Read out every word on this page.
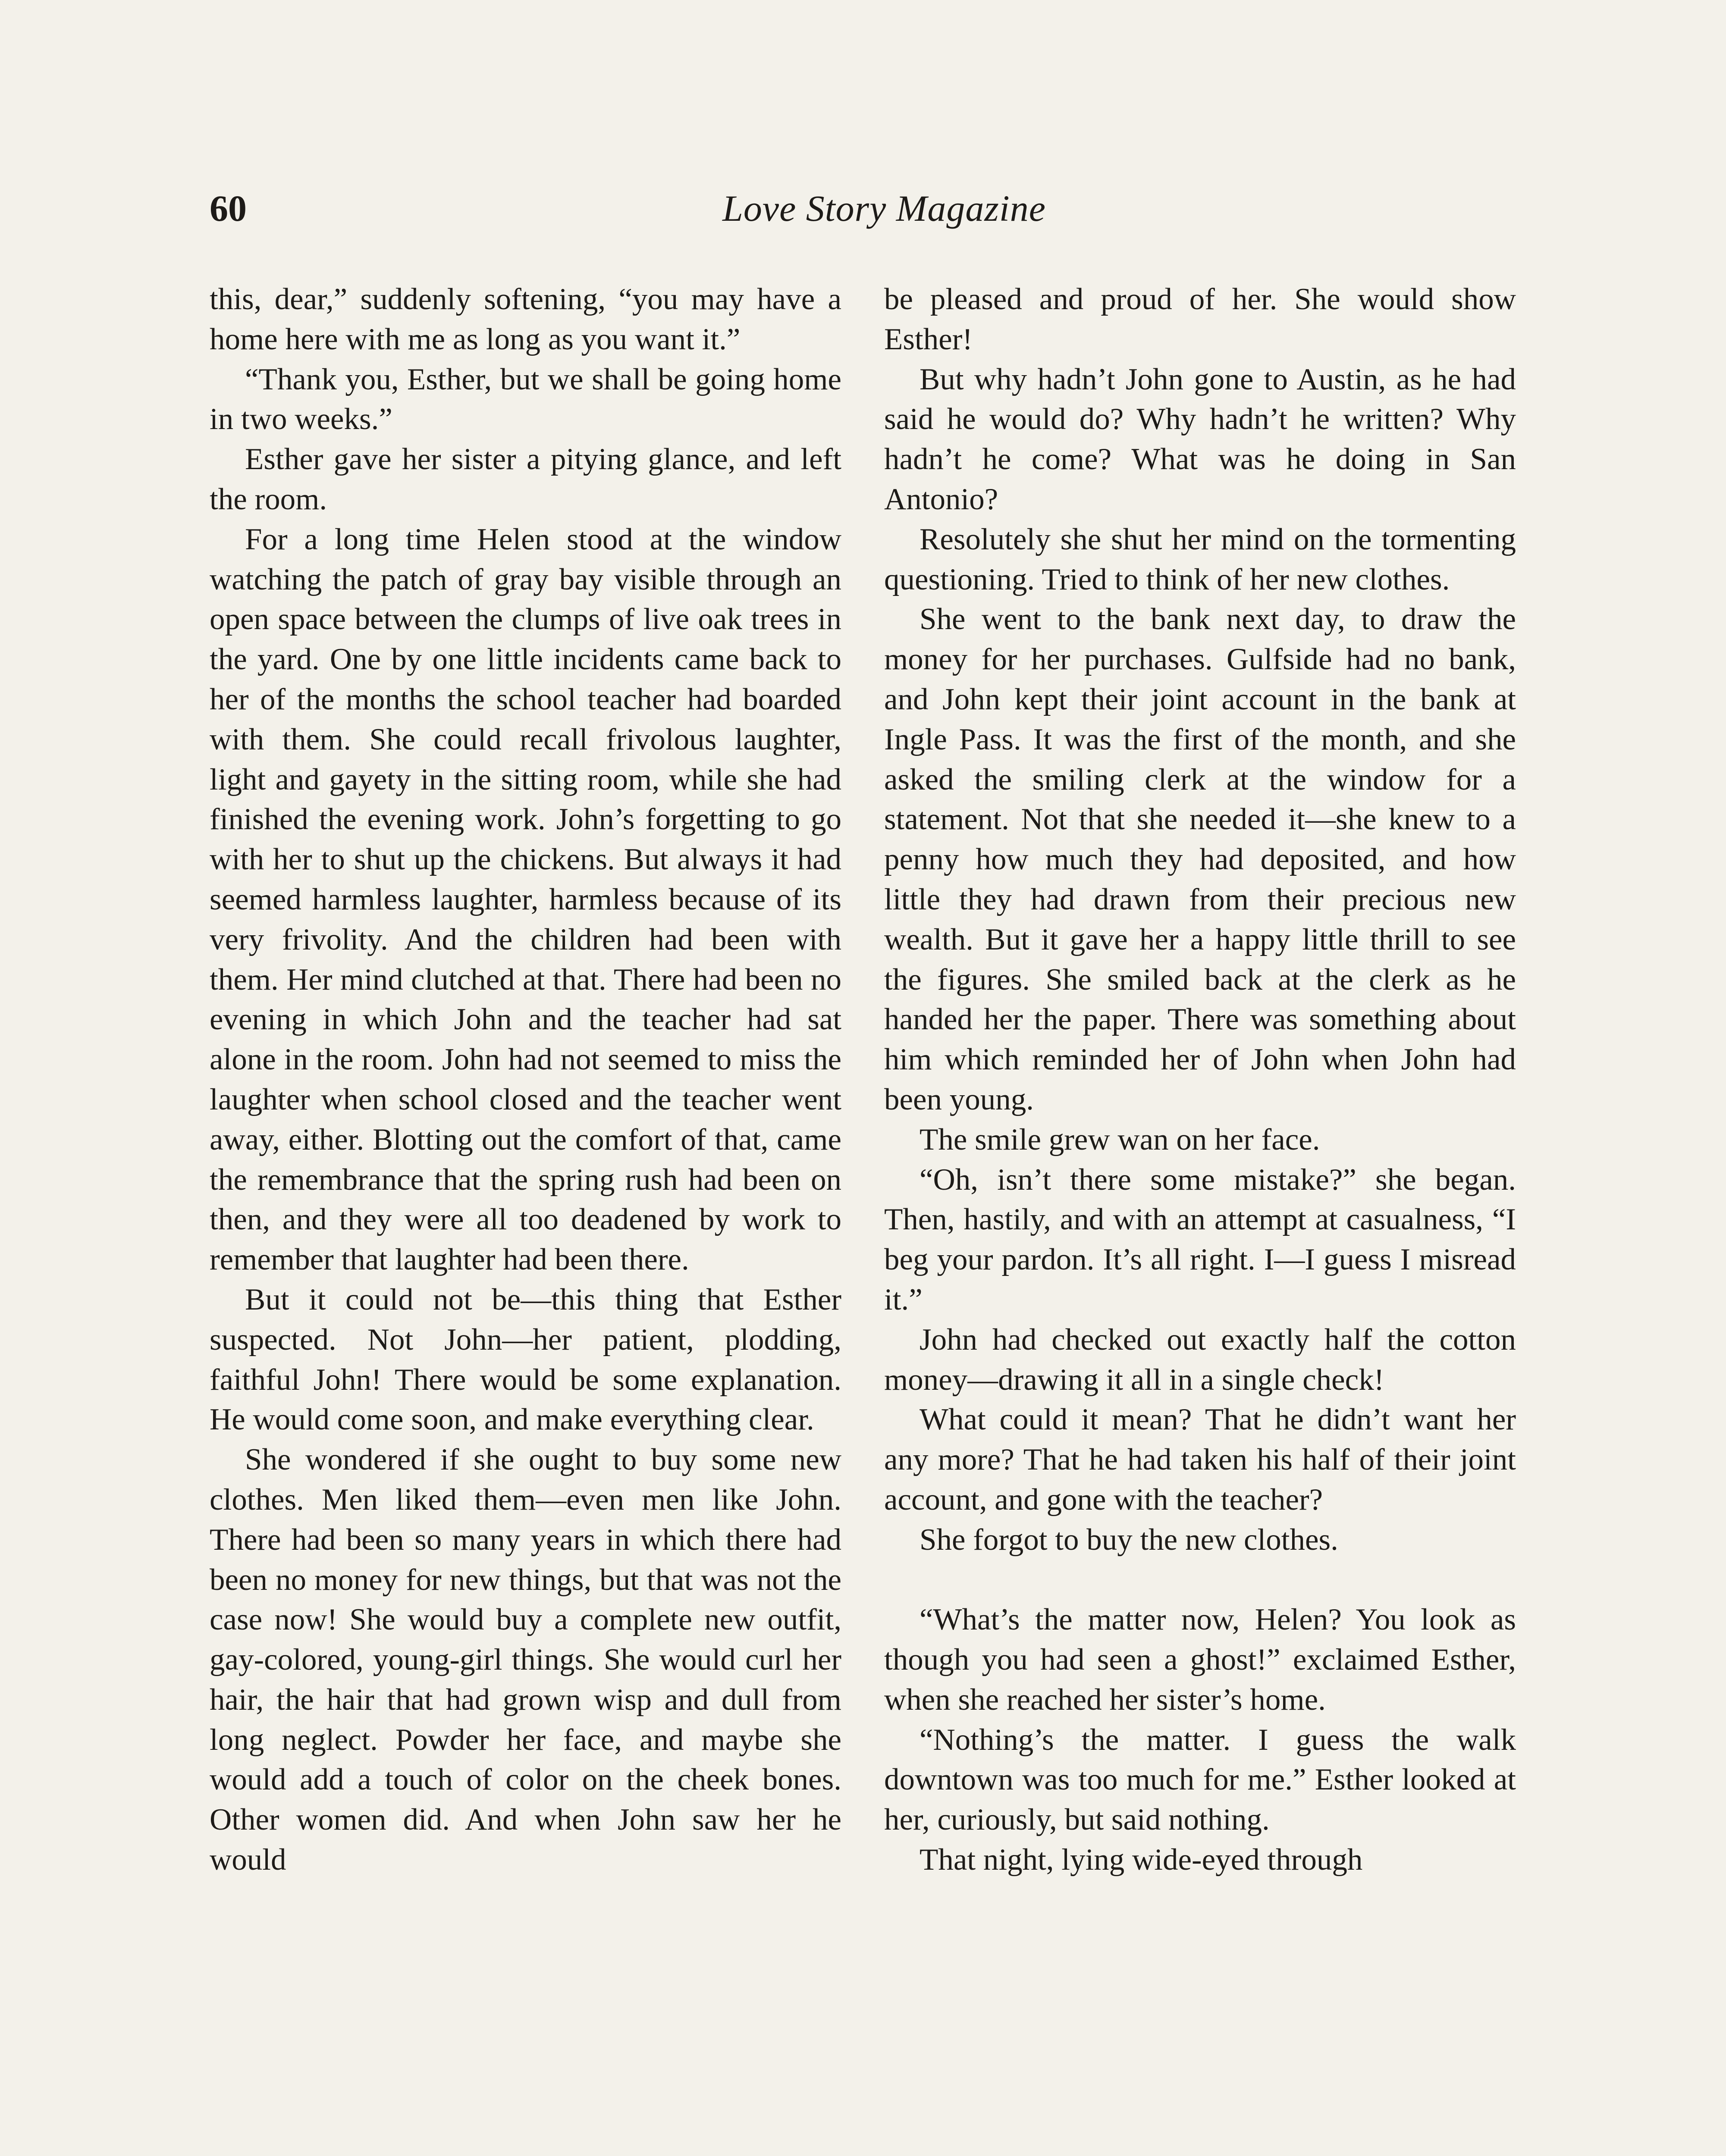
60	Love Story Magazine

this, dear,” suddenly softening, “you may have a home here with me as long as you want it.”

“Thank you, Esther, but we shall be going home in two weeks.”

Esther gave her sister a pitying glance, and left the room.

For a long time Helen stood at the window watching the patch of gray bay visible through an open space between the clumps of live oak trees in the yard. One by one little incidents came back to her of the months the school teacher had boarded with them. She could recall frivolous laughter, light and gayety in the sitting room, while she had finished the evening work. John’s forgetting to go with her to shut up the chickens. But always it had seemed harmless laughter, harmless because of its very frivolity. And the children had been with them. Her mind clutched at that. There had been no evening in which John and the teacher had sat alone in the room. John had not seemed to miss the laughter when school closed and the teacher went away, either. Blotting out the comfort of that, came the remembrance that the spring rush had been on then, and they were all too deadened by work to remember that laughter had been there.

But it could not be—this thing that Esther suspected. Not John—her patient, plodding, faithful John! There would be some explanation. He would come soon, and make everything clear.

She wondered if she ought to buy some new clothes. Men liked them—even men like John. There had been so many years in which there had been no money for new things, but that was not the case now! She would buy a complete new outfit, gay-colored, young-girl things. She would curl her hair, the hair that had grown wisp and dull from long neglect. Powder her face, and maybe she would add a touch of color on the cheek bones. Other women did. And when John saw her he would

be pleased and proud of her. She would show Esther!

But why hadn’t John gone to Austin, as he had said he would do? Why hadn’t he written? Why hadn’t he come? What was he doing in San Antonio?

Resolutely she shut her mind on the tormenting questioning. Tried to think of her new clothes.

She went to the bank next day, to draw the money for her purchases. Gulfside had no bank, and John kept their joint account in the bank at Ingle Pass. It was the first of the month, and she asked the smiling clerk at the window for a statement. Not that she needed it—she knew to a penny how much they had deposited, and how little they had drawn from their precious new wealth. But it gave her a happy little thrill to see the figures. She smiled back at the clerk as he handed her the paper. There was something about him which reminded her of John when John had been young.

The smile grew wan on her face.

“Oh, isn’t there some mistake?” she began. Then, hastily, and with an attempt at casualness, “I beg your pardon. It’s all right. I—I guess I misread it.”

John had checked out exactly half the cotton money—drawing it all in a single check!

What could it mean? That he didn’t want her any more? That he had taken his half of their joint account, and gone with the teacher?

She forgot to buy the new clothes.

“What’s the matter now, Helen? You look as though you had seen a ghost!” exclaimed Esther, when she reached her sister’s home.

“Nothing’s the matter. I guess the walk downtown was too much for me.” Esther looked at her, curiously, but said nothing.

That night, lying wide-eyed through
